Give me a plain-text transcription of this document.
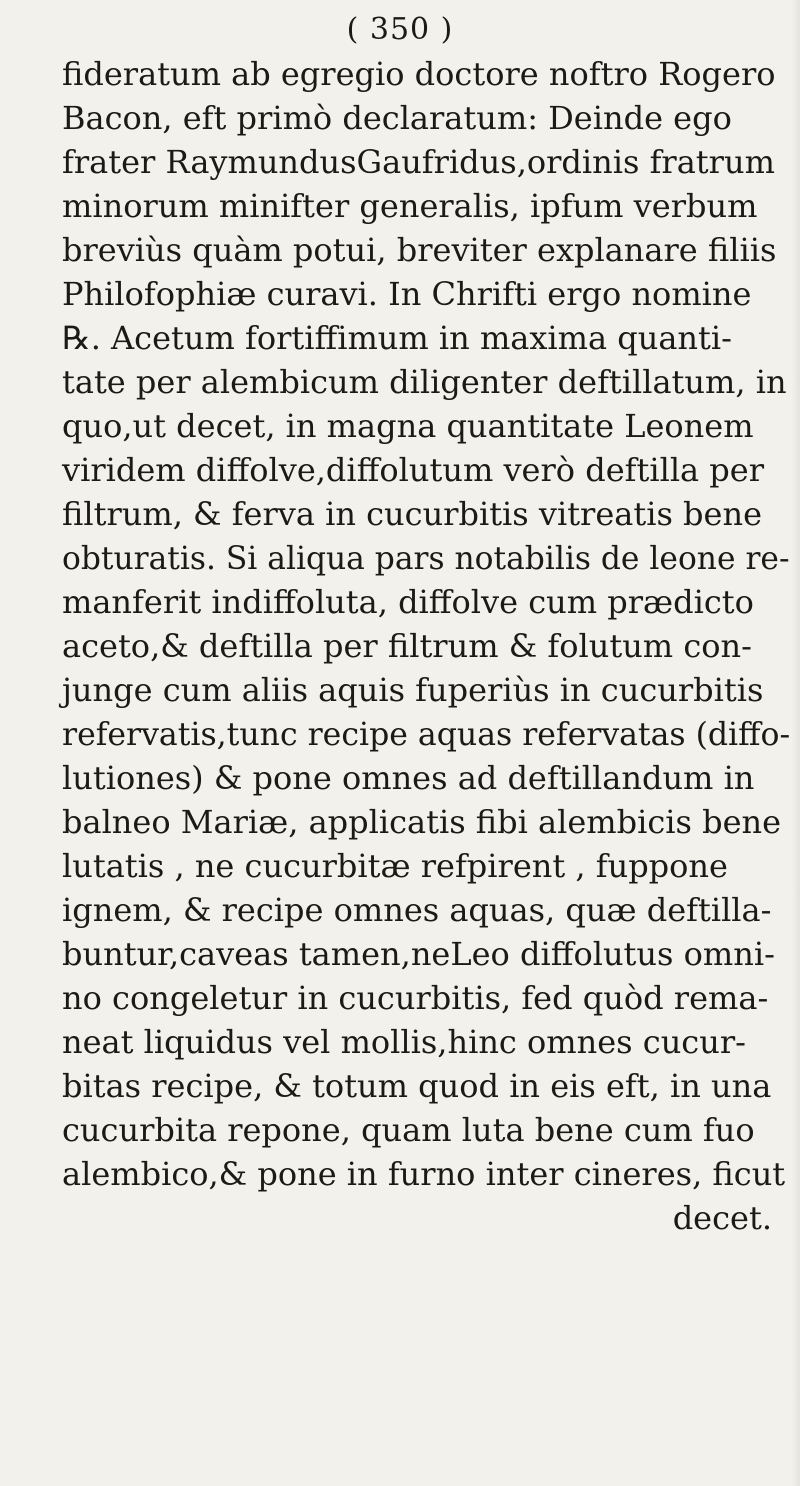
( 350 )
fideratum ab egregio doctore noftro Rogero
Bacon, eft primò declaratum: Deinde ego
frater RaymundusGaufridus,ordinis fratrum
minorum minifter generalis, ipfum verbum
breviùs quàm potui, breviter explanare filiis
Philofophiæ curavi. In Chrifti ergo nomine
℞. Acetum fortiffimum in maxima quanti-
tate per alembicum diligenter deftillatum, in
quo,ut decet, in magna quantitate Leonem
viridem diffolve,diffolutum verò deftilla per
filtrum, & ferva in cucurbitis vitreatis bene
obturatis. Si aliqua pars notabilis de leone re-
manferit indiffoluta, diffolve cum prædicto
aceto,& deftilla per filtrum & folutum con-
junge cum aliis aquis fuperiùs in cucurbitis
refervatis,tunc recipe aquas refervatas (diffo-
lutiones) & pone omnes ad deftillandum in
balneo Mariæ, applicatis fibi alembicis bene
lutatis , ne cucurbitæ refpirent , fuppone
ignem, & recipe omnes aquas, quæ deftilla-
buntur,caveas tamen,neLeo diffolutus omni-
no congeletur in cucurbitis, fed quòd rema-
neat liquidus vel mollis,hinc omnes cucur-
bitas recipe, & totum quod in eis eft, in una
cucurbita repone, quam luta bene cum fuo
alembico,& pone in furno inter cineres, ficut
decet.
